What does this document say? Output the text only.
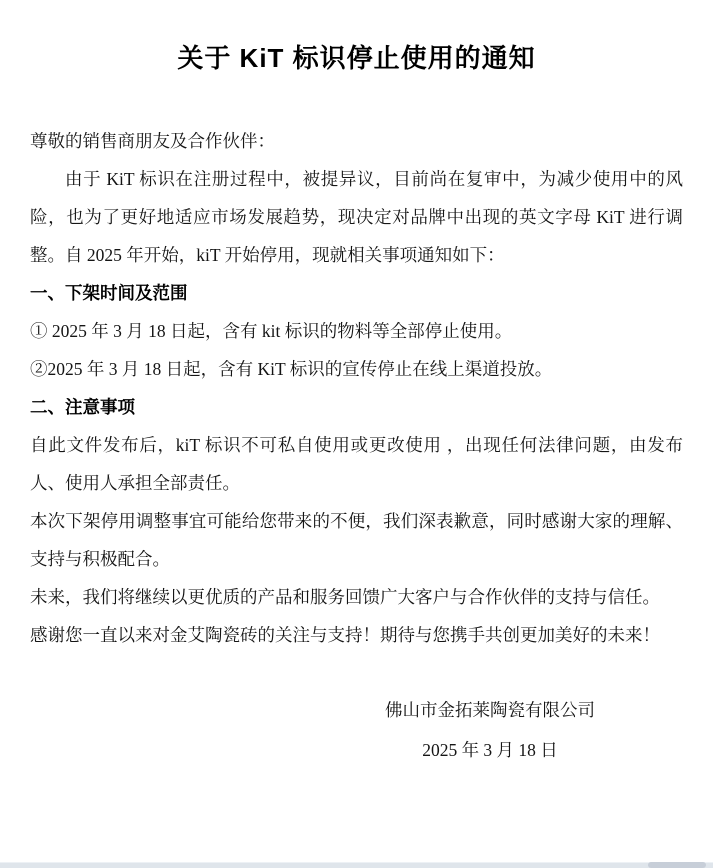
关于 KiT 标识停止使用的通知

尊敬的销售商朋友及合作伙伴：

由于 KiT 标识在注册过程中，被提异议，目前尚在复审中，为减少使用中的风险，也为了更好地适应市场发展趋势，现决定对品牌中出现的英文字母 KiT 进行调整。自 2025 年开始，kiT 开始停用，现就相关事项通知如下：

一、下架时间及范围

① 2025 年 3 月 18 日起，含有 kit 标识的物料等全部停止使用。

②2025 年 3 月 18 日起，含有 KiT 标识的宣传停止在线上渠道投放。

二、注意事项

自此文件发布后，kiT 标识不可私自使用或更改使用 ，出现任何法律问题，由发布人、使用人承担全部责任。

本次下架停用调整事宜可能给您带来的不便，我们深表歉意，同时感谢大家的理解、支持与积极配合。

未来，我们将继续以更优质的产品和服务回馈广大客户与合作伙伴的支持与信任。

感谢您一直以来对金艾陶瓷砖的关注与支持！期待与您携手共创更加美好的未来！

佛山市金拓莱陶瓷有限公司

2025 年 3 月 18 日
